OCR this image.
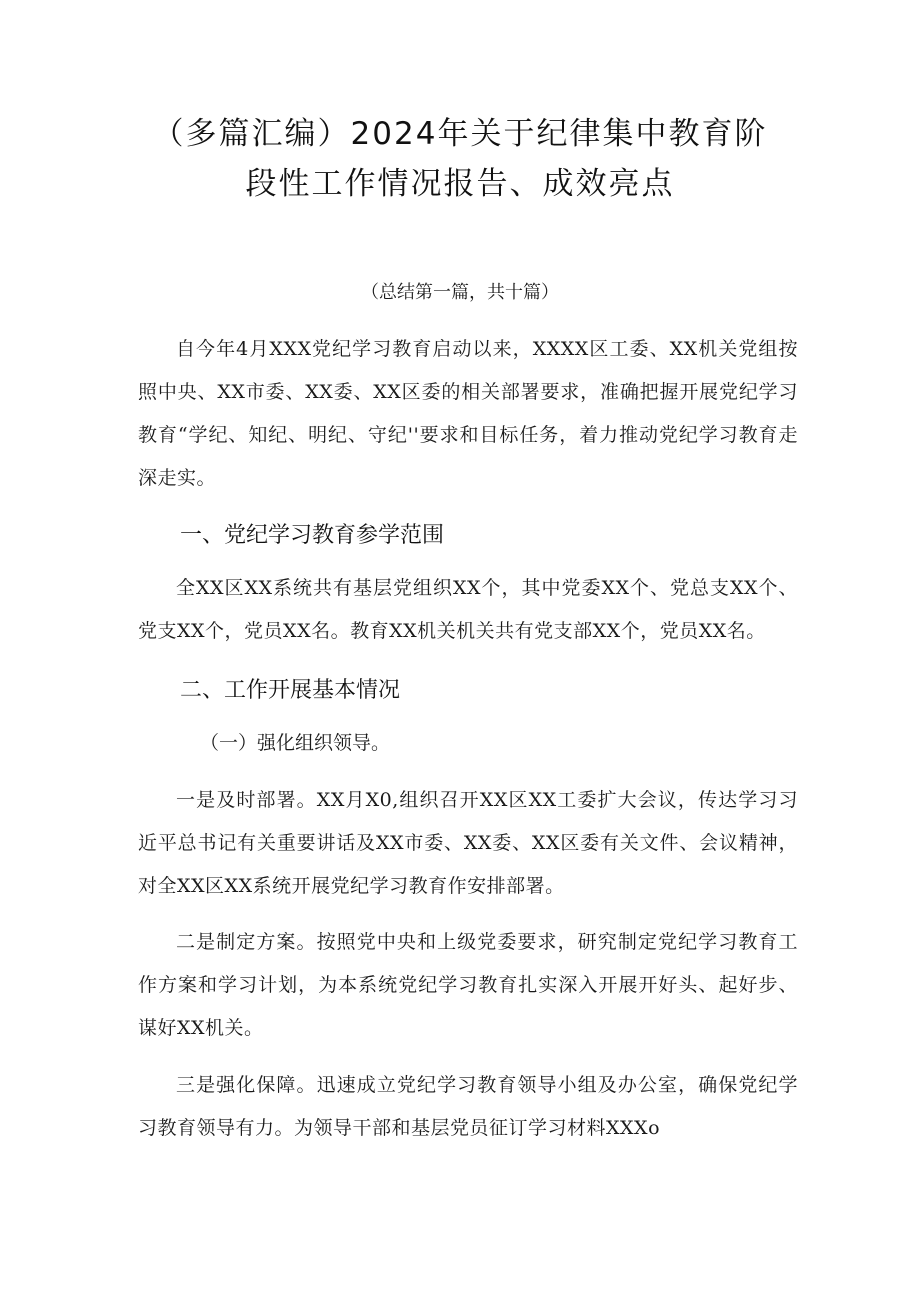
（多篇汇编）2024年关于纪律集中教育阶
段性工作情况报告、成效亮点
（总结第一篇，共十篇）

自今年4月XXX党纪学习教育启动以来，XXXX区工委、XX机关党组按照中央、XX市委、XX委、XX区委的相关部署要求，准确把握开展党纪学习教育“学纪、知纪、明纪、守纪''要求和目标任务，着力推动党纪学习教育走深走实。

一、党纪学习教育参学范围

全XX区XX系统共有基层党组织XX个，其中党委XX个、党总支XX个、党支XX个，党员XX名。教育XX机关机关共有党支部XX个，党员XX名。

二、工作开展基本情况
（一）强化组织领导。

一是及时部署。XX月X0,组织召开XX区XX工委扩大会议，传达学习习近平总书记有关重要讲话及XX市委、XX委、XX区委有关文件、会议精神，对全XX区XX系统开展党纪学习教育作安排部署。

二是制定方案。按照党中央和上级党委要求，研究制定党纪学习教育工作方案和学习计划，为本系统党纪学习教育扎实深入开展开好头、起好步、谋好XX机关。

三是强化保障。迅速成立党纪学习教育领导小组及办公室，确保党纪学习教育领导有力。为领导干部和基层党员征订学习材料XXXo
